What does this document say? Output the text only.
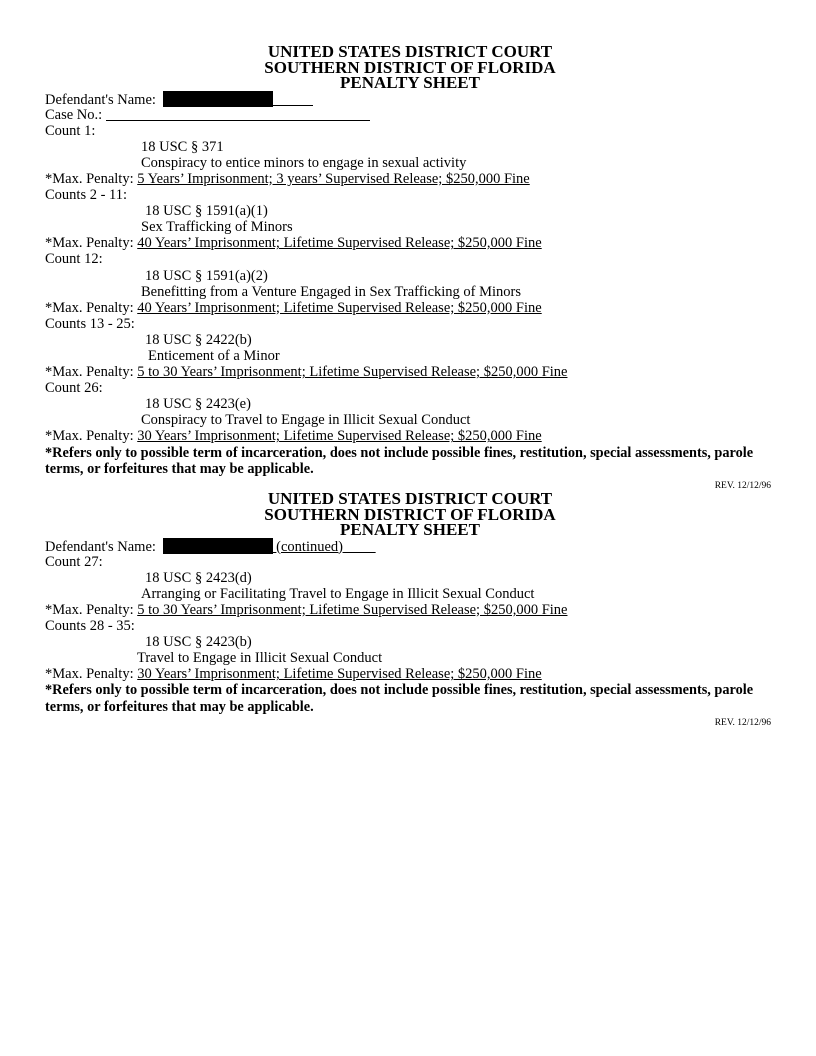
UNITED STATES DISTRICT COURT
SOUTHERN DISTRICT OF FLORIDA
PENALTY SHEET
Defendant's Name:
Case No.:
Count 1:
18 USC § 371
Conspiracy to entice minors to engage in sexual activity
*Max. Penalty: 5 Years’ Imprisonment; 3 years’ Supervised Release; $250,000 Fine
Counts 2 - 11:
18 USC § 1591(a)(1)
Sex Trafficking of Minors
*Max. Penalty: 40 Years’ Imprisonment; Lifetime Supervised Release; $250,000 Fine
Count 12:
18 USC § 1591(a)(2)
Benefitting from a Venture Engaged in Sex Trafficking of Minors
*Max. Penalty: 40 Years’ Imprisonment; Lifetime Supervised Release; $250,000 Fine
Counts 13 - 25:
18 USC § 2422(b)
Enticement of a Minor
*Max. Penalty: 5 to 30 Years’ Imprisonment; Lifetime Supervised Release; $250,000 Fine
Count 26:
18 USC § 2423(e)
Conspiracy to Travel to Engage in Illicit Sexual Conduct
*Max. Penalty: 30 Years’ Imprisonment; Lifetime Supervised Release; $250,000 Fine
*Refers only to possible term of incarceration, does not include possible fines, restitution, special assessments, parole terms, or forfeitures that may be applicable.
REV. 12/12/96
UNITED STATES DISTRICT COURT
SOUTHERN DISTRICT OF FLORIDA
PENALTY SHEET
Defendant's Name:	(continued)
Count 27:
18 USC § 2423(d)
Arranging or Facilitating Travel to Engage in Illicit Sexual Conduct
*Max. Penalty: 5 to 30 Years’ Imprisonment; Lifetime Supervised Release; $250,000 Fine
Counts 28 - 35:
18 USC § 2423(b)
Travel to Engage in Illicit Sexual Conduct
*Max. Penalty: 30 Years’ Imprisonment; Lifetime Supervised Release; $250,000 Fine
*Refers only to possible term of incarceration, does not include possible fines, restitution, special assessments, parole terms, or forfeitures that may be applicable.
REV. 12/12/96
